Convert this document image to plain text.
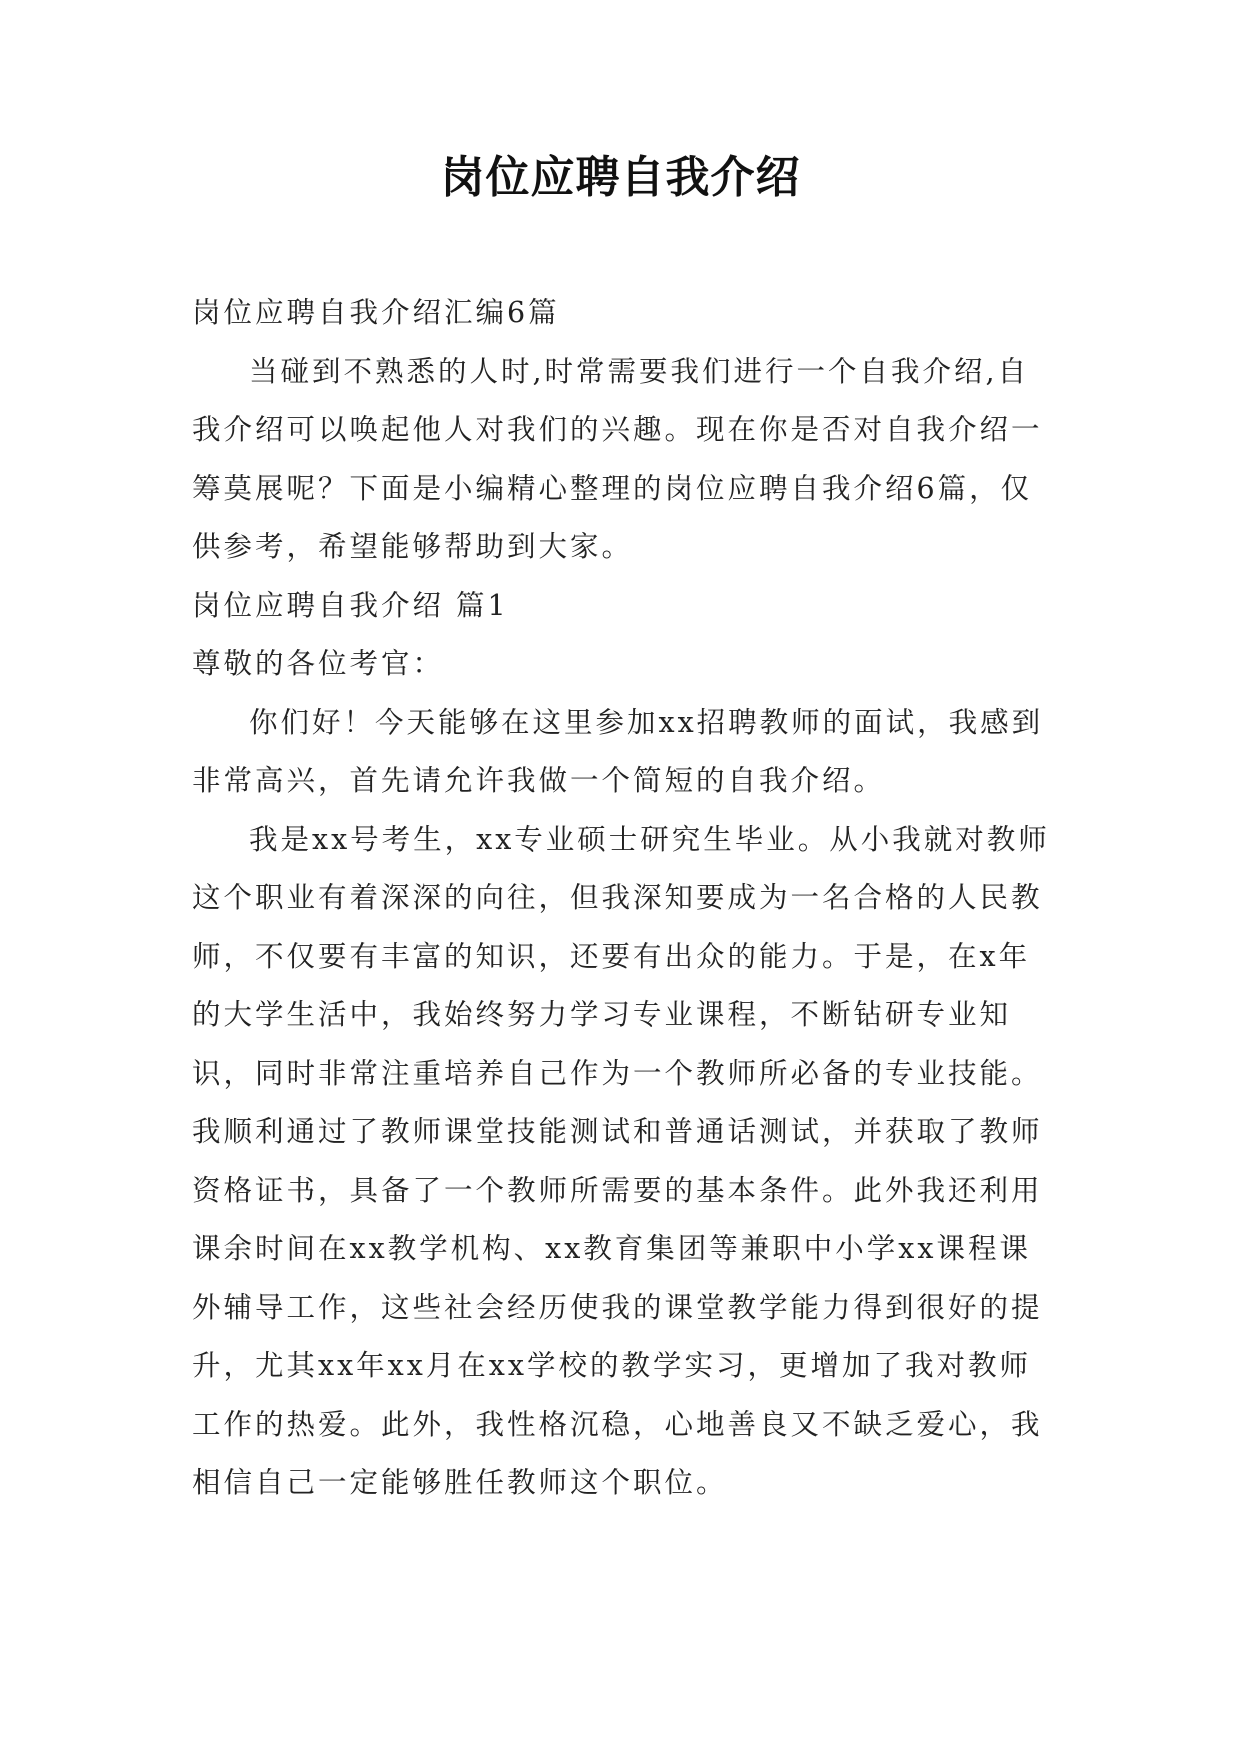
岗位应聘自我介绍

岗位应聘自我介绍汇编6篇

当碰到不熟悉的人时,时常需要我们进行一个自我介绍,自我介绍可以唤起他人对我们的兴趣。现在你是否对自我介绍一筹莫展呢？下面是小编精心整理的岗位应聘自我介绍6篇，仅供参考，希望能够帮助到大家。

岗位应聘自我介绍 篇1

尊敬的各位考官：

你们好！今天能够在这里参加xx招聘教师的面试，我感到非常高兴，首先请允许我做一个简短的自我介绍。

我是xx号考生，xx专业硕士研究生毕业。从小我就对教师这个职业有着深深的向往，但我深知要成为一名合格的人民教师，不仅要有丰富的知识，还要有出众的能力。于是，在x年的大学生活中，我始终努力学习专业课程，不断钻研专业知识，同时非常注重培养自己作为一个教师所必备的专业技能。我顺利通过了教师课堂技能测试和普通话测试，并获取了教师资格证书，具备了一个教师所需要的基本条件。此外我还利用课余时间在xx教学机构、xx教育集团等兼职中小学xx课程课外辅导工作，这些社会经历使我的课堂教学能力得到很好的提升，尤其xx年xx月在xx学校的教学实习，更增加了我对教师工作的热爱。此外，我性格沉稳，心地善良又不缺乏爱心，我相信自己一定能够胜任教师这个职位。
